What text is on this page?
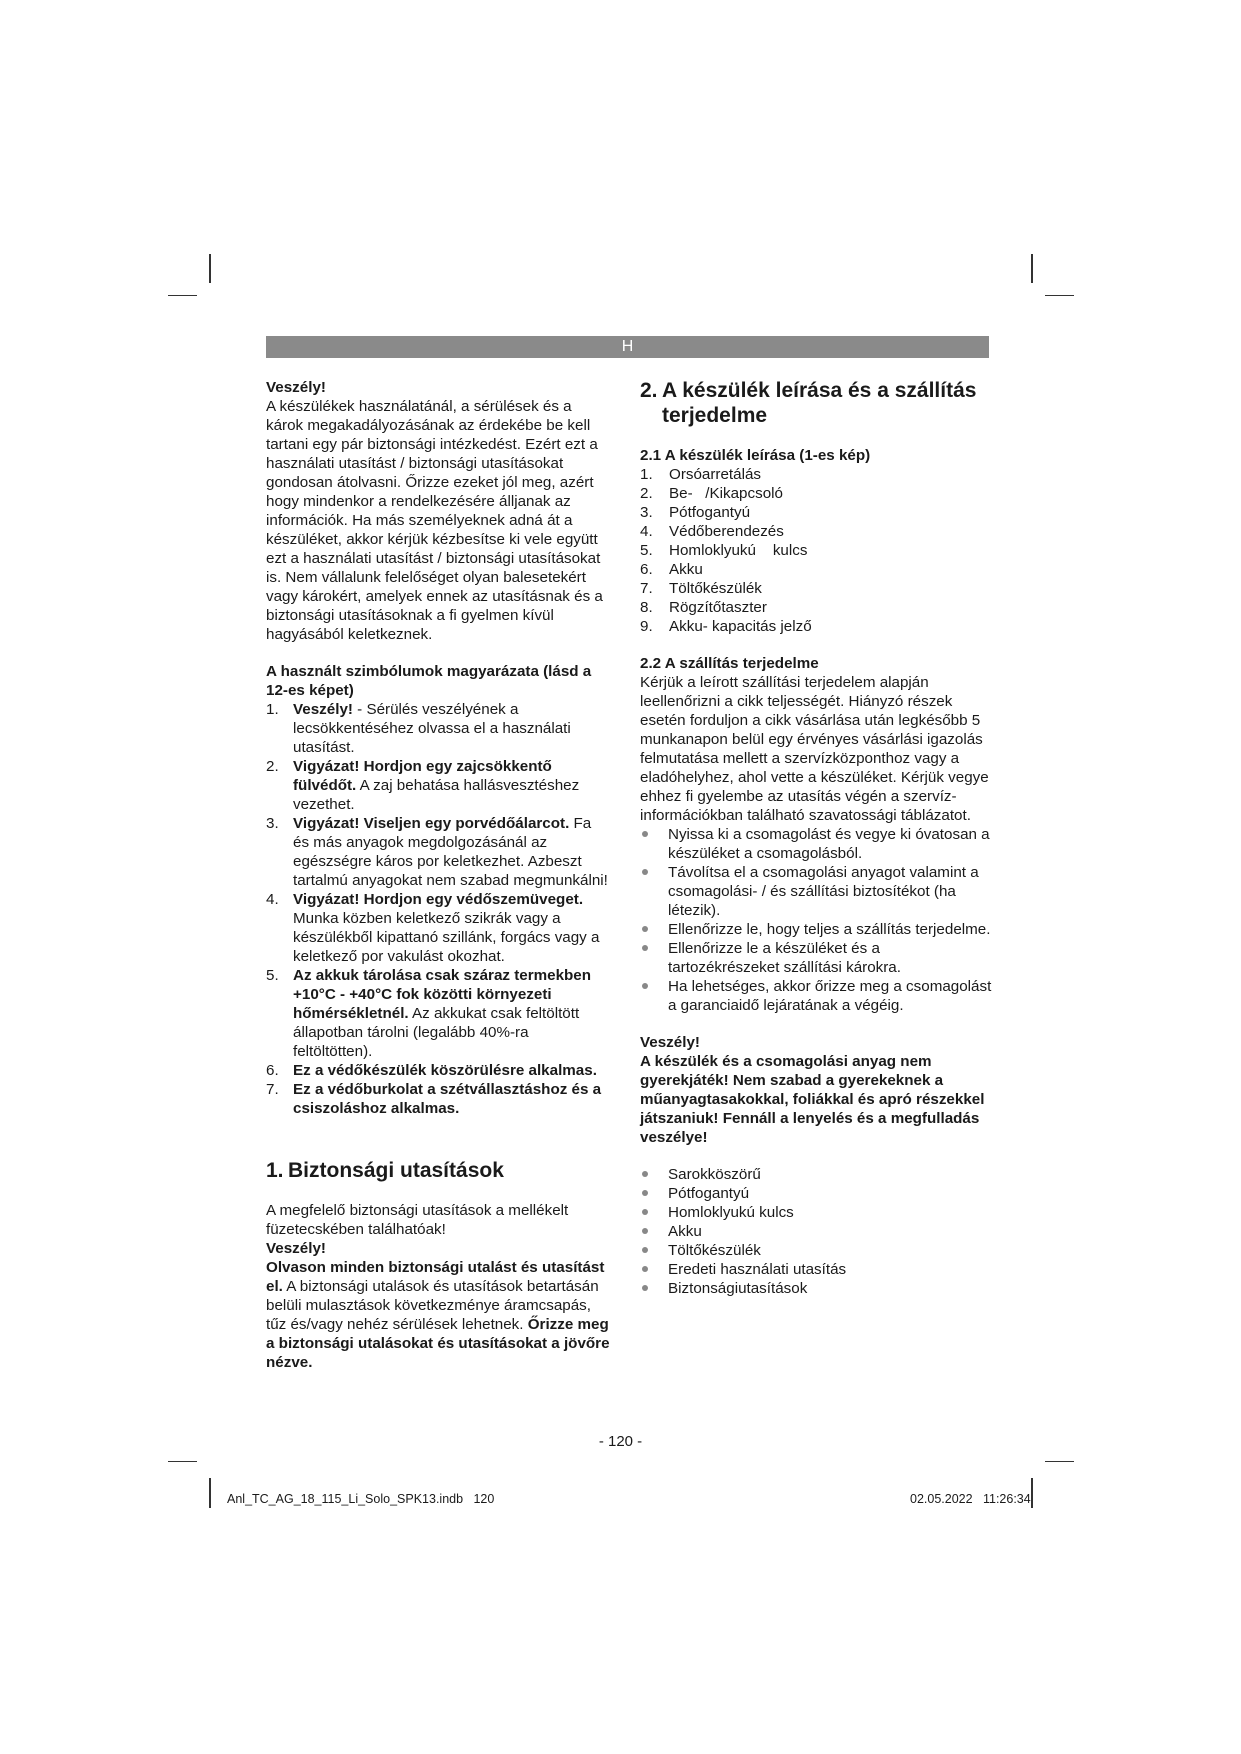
H

Veszély!

A készülékek használatánál, a sérülések és a károk megakadályozásának az érdekébe be kell tartani egy pár biztonsági intézkedést. Ezért ezt a használati utasítást / biztonsági utasításokat gondosan átolvasni. Őrizze ezeket jól meg, azért hogy mindenkor a rendelkezésére álljanak az információk. Ha más személyeknek adná át a készüléket, akkor kérjük kézbesítse ki vele együtt ezt a használati utasítást / biztonsági utasításokat is. Nem vállalunk felelőséget olyan balesetekért vagy károkért, amelyek ennek az utasításnak és a biztonsági utasításoknak a fi gyelmen kívül hagyásából keletkeznek.

A használt szimbólumok magyarázata (lásd a 12-es képet)

1. Veszély! - Sérülés veszélyének a lecsökkentéséhez olvassa el a használati utasítást.
2. Vigyázat! Hordjon egy zajcsökkentő fülvédőt. A zaj behatása hallásvesztéshez vezethet.
3. Vigyázat! Viseljen egy porvédőálarcot. Fa és más anyagok megdolgozásánál az egészségre káros por keletkezhet. Azbeszt tartalmú anyagokat nem szabad megmunkálni!
4. Vigyázat! Hordjon egy védőszemüveget. Munka közben keletkező szikrák vagy a készülékből kipattanó szillánk, forgács vagy a keletkező por vakulást okozhat.
5. Az akkuk tárolása csak száraz termekben +10°C - +40°C fok közötti környezeti hőmérsékletnél. Az akkukat csak feltöltött állapotban tárolni (legalább 40%-ra feltöltötten).
6. Ez a védőkészülék köszörülésre alkalmas.
7. Ez a védőburkolat a szétvállasztáshoz és a csiszoláshoz alkalmas.

1. Biztonsági utasítások

A megfelelő biztonsági utasítások a mellékelt füzetecskében találhatóak!

Veszély!

Olvason minden biztonsági utalást és utasítást el. A biztonsági utalások és utasítások betartásán belüli mulasztások következménye áramcsapás, tűz és/vagy nehéz sérülések lehetnek. Őrizze meg a biztonsági utalásokat és utasításokat a jövőre nézve.

2. A készülék leírása és a szállítás
terjedelme

2.1 A készülék leírása (1-es kép)

1. Orsóarretálás
2. Be-   /Kikapcsoló
3. Pótfogantyú
4. Védőberendezés
5. Homloklyukú    kulcs
6. Akku
7. Töltőkészülék
8. Rögzítőtaszter
9. Akku- kapacitás jelző

2.2 A szállítás terjedelme

Kérjük a leírott szállítási terjedelem alapján leellenőrizni a cikk teljességét. Hiányzó részek esetén forduljon a cikk vásárlása után legkésőbb 5 munkanapon belül egy érvényes vásárlási igazolás felmutatása mellett a szervízközponthoz vagy a eladóhelyhez, ahol vette a készüléket. Kérjük vegye ehhez fi gyelembe az utasítás végén a szervíz-információkban található szavatossági táblázatot.

Nyissa ki a csomagolást és vegye ki óvatosan a készüléket a csomagolásból.
Távolítsa el a csomagolási anyagot valamint a csomagolási- / és szállítási biztosítékot (ha létezik).
Ellenőrizze le, hogy teljes a szállítás terjedelme.
Ellenőrizze le a készüléket és a tartozékrészeket szállítási károkra.
Ha lehetséges, akkor őrizze meg a csomagolást a garanciaidő lejáratának a végéig.

Veszély!

A készülék és a csomagolási anyag nem gyerekjáték! Nem szabad a gyerekeknek a műanyagtasakokkal, foliákkal és apró részekkel játszaniuk! Fennáll a lenyelés és a megfulladás veszélye!

Sarokköszörű
Pótfogantyú
Homloklyukú kulcs
Akku
Töltőkészülék
Eredeti használati utasítás
Biztonságiutasítások
- 120 -
Anl_TC_AG_18_115_Li_Solo_SPK13.indb   120	02.05.2022   11:26:34
